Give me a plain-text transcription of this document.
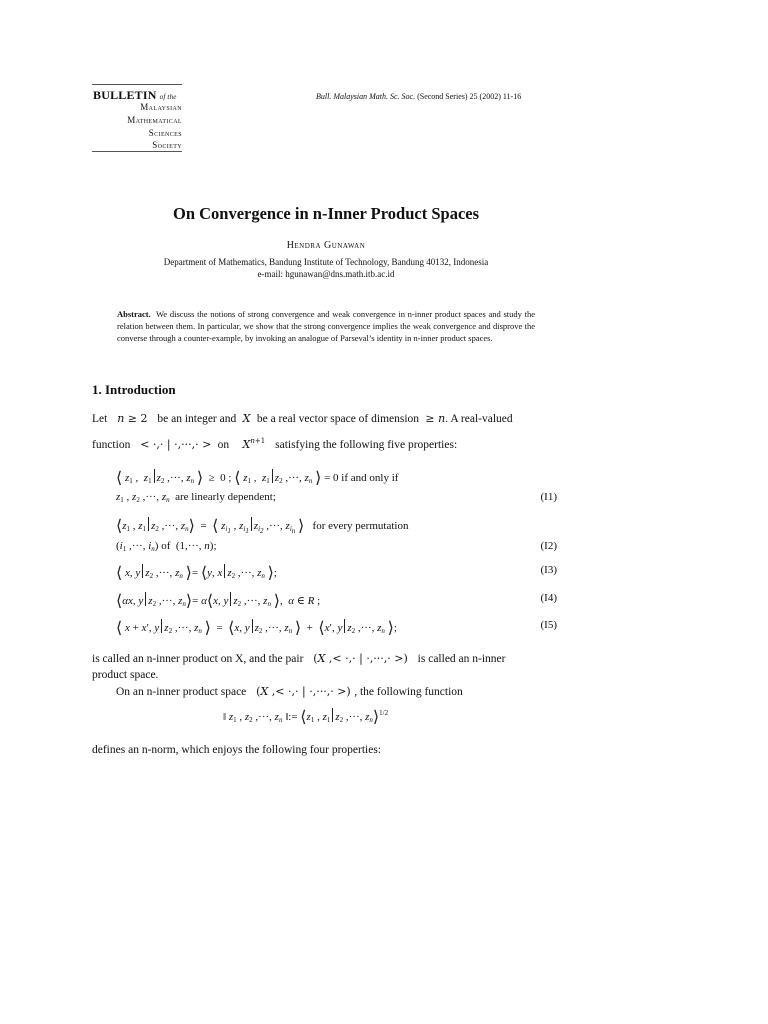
BULLETIN of the
Malaysian
Mathematical
Sciences
Society
Bull. Malaysian Math. Sc. Soc. (Second Series) 25 (2002) 11-16
On Convergence in n-Inner Product Spaces
Hendra Gunawan
Department of Mathematics, Bandung Institute of Technology, Bandung 40132, Indonesia
e-mail: hgunawan@dns.math.itb.ac.id
Abstract. We discuss the notions of strong convergence and weak convergence in n-inner product spaces and study the relation between them. In particular, we show that the strong convergence implies the weak convergence and disprove the converse through a counter-example, by invoking an analogue of Parseval’s identity in n-inner product spaces.
1. Introduction
Let n ≥ 2   be an integer and X be a real vector space of dimension  ≥ n. A real-valued
function   < ·,· | ·,···,· >  on $X^{n+1}$ satisfying the following five properties:
⟨ $z_1$ ,  $z_1$ $z_2$ ,···, $z_n$ ⟩  ≥  0 ; ⟨ $z_1$ ,  $z_1$ $z_2$ ,···, $z_n$ ⟩ = 0 if and only if
$z_1$ , $z_2$ ,···, $z_n$ are linearly dependent;	(I1)
$⟨z_1$ , $z_1$ $z_2$ ,···, $z_n⟩$  =  ⟨ $z_{i_1}$ , $z_{i_1}$ $z_{i_2}$ ,···, $z_{i_n}$ ⟩ for every permutation
($i_1$ ,···, $i_n$) of  (1,···, n);	(I2)
⟨ x, y $z_2$ ,···, $z_n$ ⟩= ⟨y, x $z_2$ ,···, $z_n$ ⟩;	(I3)
⟨αx, y $z_2$ ,···, $z_n⟩=$ α⟨x, y $z_2$ ,···, $z_n$ ⟩,  α ∈ R ;	(I4)
⟨ x + x′, y $z_2$ ,···, $z_n$ ⟩  =  ⟨x, y $z_2$ ,···, $z_n$ ⟩  +  ⟨x′, y $z_2$ ,···, $z_n$ ⟩;	(I5)
is called an n-inner product on X, and the pair   (X ,< ·,· | ·,···,· >)   is called an n-inner
product space.
On an n-inner product space   (X ,< ·,· | ·,···,· >) , the following function
‖ $z_1$ , $z_2$ ,···, $z_n$ ‖:= $⟨z_1$ , $z_1$ $z_2$ ,···, $z_n⟩^{1/2}$
defines an n-norm, which enjoys the following four properties:
